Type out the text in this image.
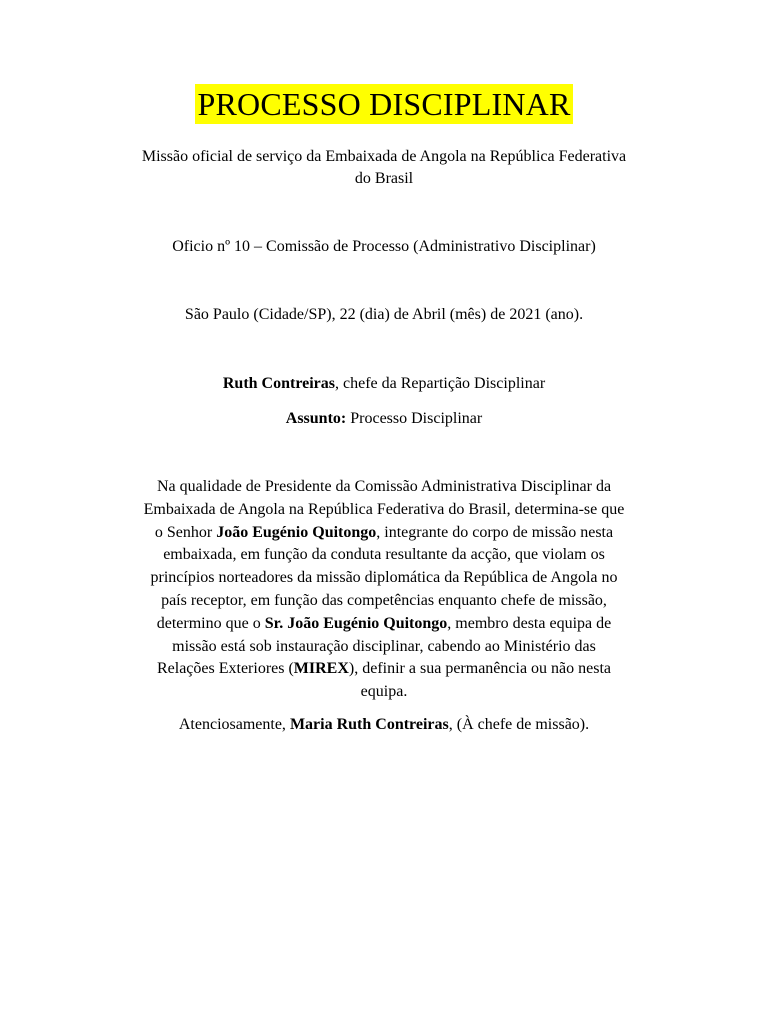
PROCESSO DISCIPLINAR
Missão oficial de serviço da Embaixada de Angola na República Federativa
do Brasil
Oficio nº 10 – Comissão de Processo (Administrativo Disciplinar)
São Paulo (Cidade/SP), 22 (dia) de Abril (mês) de 2021 (ano).
Ruth Contreiras, chefe da Repartição Disciplinar
Assunto: Processo Disciplinar
Na qualidade de Presidente da Comissão Administrativa Disciplinar da
Embaixada de Angola na República Federativa do Brasil, determina-se que
o Senhor João Eugénio Quitongo, integrante do corpo de missão nesta
embaixada, em função da conduta resultante da acção, que violam os
princípios norteadores da missão diplomática da República de Angola no
país receptor, em função das competências enquanto chefe de missão,
determino que o Sr. João Eugénio Quitongo, membro desta equipa de
missão está sob instauração disciplinar, cabendo ao Ministério das
Relações Exteriores (MIREX), definir a sua permanência ou não nesta
equipa.
Atenciosamente, Maria Ruth Contreiras, (À chefe de missão).
